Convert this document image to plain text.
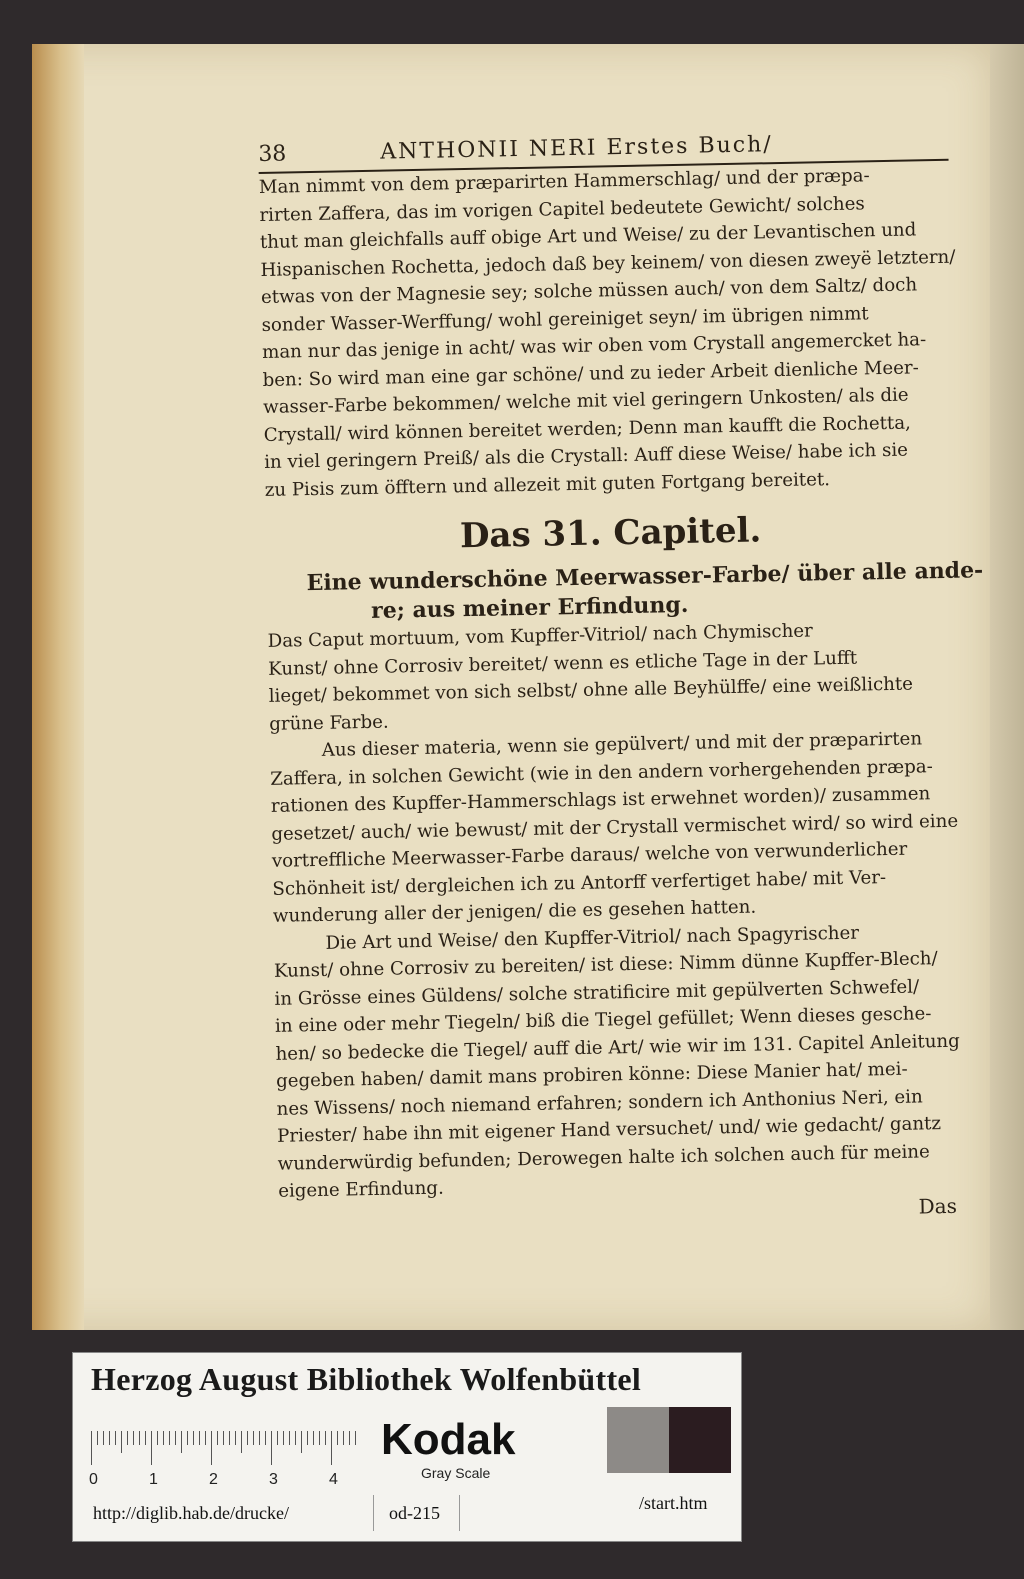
38	ANTHONII NERI Erstes Buch/
Man nimmt von dem præparirten Hammerschlag/ und der præpa-
rirten Zaffera, das im vorigen Capitel bedeutete Gewicht/ solches
thut man gleichfalls auff obige Art und Weise/ zu der Levantischen und
Hispanischen Rochetta, jedoch daß bey keinem/ von diesen zweyë letztern/
etwas von der Magnesie sey; solche müssen auch/ von dem Saltz/ doch
sonder Wasser-Werffung/ wohl gereiniget seyn/ im übrigen nimmt
man nur das jenige in acht/ was wir oben vom Crystall angemercket ha-
ben: So wird man eine gar schöne/ und zu ieder Arbeit dienliche Meer-
wasser-Farbe bekommen/ welche mit viel geringern Unkosten/ als die
Crystall/ wird können bereitet werden; Denn man kaufft die Rochetta,
in viel geringern Preiß/ als die Crystall: Auff diese Weise/ habe ich sie
zu Pisis zum öfftern und allezeit mit guten Fortgang bereitet.
Das 31. Capitel.
Eine wunderschöne Meerwasser-Farbe/ über alle ande-
re; aus meiner Erfindung.
Das Caput mortuum, vom Kupffer-Vitriol/ nach Chymischer
Kunst/ ohne Corrosiv bereitet/ wenn es etliche Tage in der Lufft
lieget/ bekommet von sich selbst/ ohne alle Beyhülffe/ eine weißlichte
grüne Farbe.
Aus dieser materia, wenn sie gepülvert/ und mit der præparirten
Zaffera, in solchen Gewicht (wie in den andern vorhergehenden præpa-
rationen des Kupffer-Hammerschlags ist erwehnet worden)/ zusammen
gesetzet/ auch/ wie bewust/ mit der Crystall vermischet wird/ so wird eine
vortreffliche Meerwasser-Farbe daraus/ welche von verwunderlicher
Schönheit ist/ dergleichen ich zu Antorff verfertiget habe/ mit Ver-
wunderung aller der jenigen/ die es gesehen hatten.
Die Art und Weise/ den Kupffer-Vitriol/ nach Spagyrischer
Kunst/ ohne Corrosiv zu bereiten/ ist diese: Nimm dünne Kupffer-Blech/
in Grösse eines Güldens/ solche stratificire mit gepülverten Schwefel/
in eine oder mehr Tiegeln/ biß die Tiegel gefüllet; Wenn dieses gesche-
hen/ so bedecke die Tiegel/ auff die Art/ wie wir im 131. Capitel Anleitung
gegeben haben/ damit mans probiren könne: Diese Manier hat/ mei-
nes Wissens/ noch niemand erfahren; sondern ich Anthonius Neri, ein
Priester/ habe ihn mit eigener Hand versuchet/ und/ wie gedacht/ gantz
wunderwürdig befunden; Derowegen halte ich solchen auch für meine
eigene Erfindung.
Das
Herzog August Bibliothek Wolfenbüttel
0	1	2	3	4
Kodak
Gray Scale
http://diglib.hab.de/drucke/	od-215	/start.htm
